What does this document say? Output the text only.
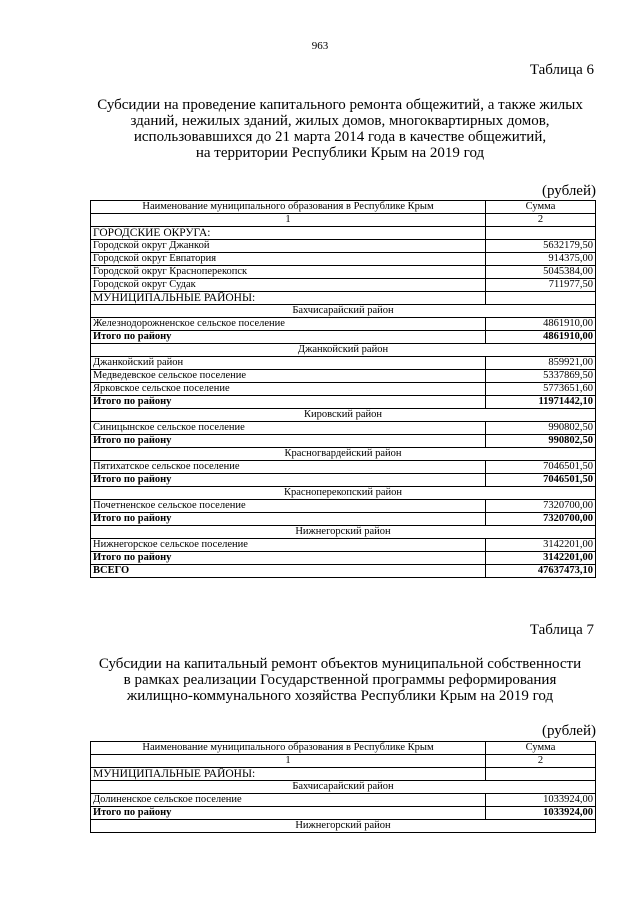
963
Таблица 6
Субсидии на проведение капитального ремонта общежитий, а также жилых
зданий, нежилых зданий, жилых домов, многоквартирных домов,
использовавшихся до 21 марта 2014 года в качестве общежитий,
на территории Республики Крым на 2019 год
(рублей)
Наименование муниципального образования в Республике Крым	Сумма
1	2
ГОРОДСКИЕ ОКРУГА:	
Городской округ Джанкой	5632179,50
Городской округ Евпатория	914375,00
Городской округ Красноперекопск	5045384,00
Городской округ Судак	711977,50
МУНИЦИПАЛЬНЫЕ РАЙОНЫ:	
Бахчисарайский район	
Железнодорожненское сельское поселение	4861910,00
Итого по району	4861910,00
Джанкойский район	
Джанкойский район	859921,00
Медведевское сельское поселение	5337869,50
Ярковское сельское поселение	5773651,60
Итого по району	11971442,10
Кировский район	
Синицынское сельское поселение	990802,50
Итого по району	990802,50
Красногвардейский район	
Пятихатское сельское поселение	7046501,50
Итого по району	7046501,50
Красноперекопский район	
Почетненское сельское поселение	7320700,00
Итого по району	7320700,00
Нижнегорский район	
Нижнегорское сельское поселение	3142201,00
Итого по району	3142201,00
ВСЕГО	47637473,10
Таблица 7
Субсидии на капитальный ремонт объектов муниципальной собственности
в рамках реализации Государственной программы реформирования
жилищно-коммунального хозяйства Республики Крым на 2019 год
(рублей)
Наименование муниципального образования в Республике Крым	Сумма
1	2
МУНИЦИПАЛЬНЫЕ РАЙОНЫ:	
Бахчисарайский район	
Долиненское сельское поселение	1033924,00
Итого по району	1033924,00
Нижнегорский район	
